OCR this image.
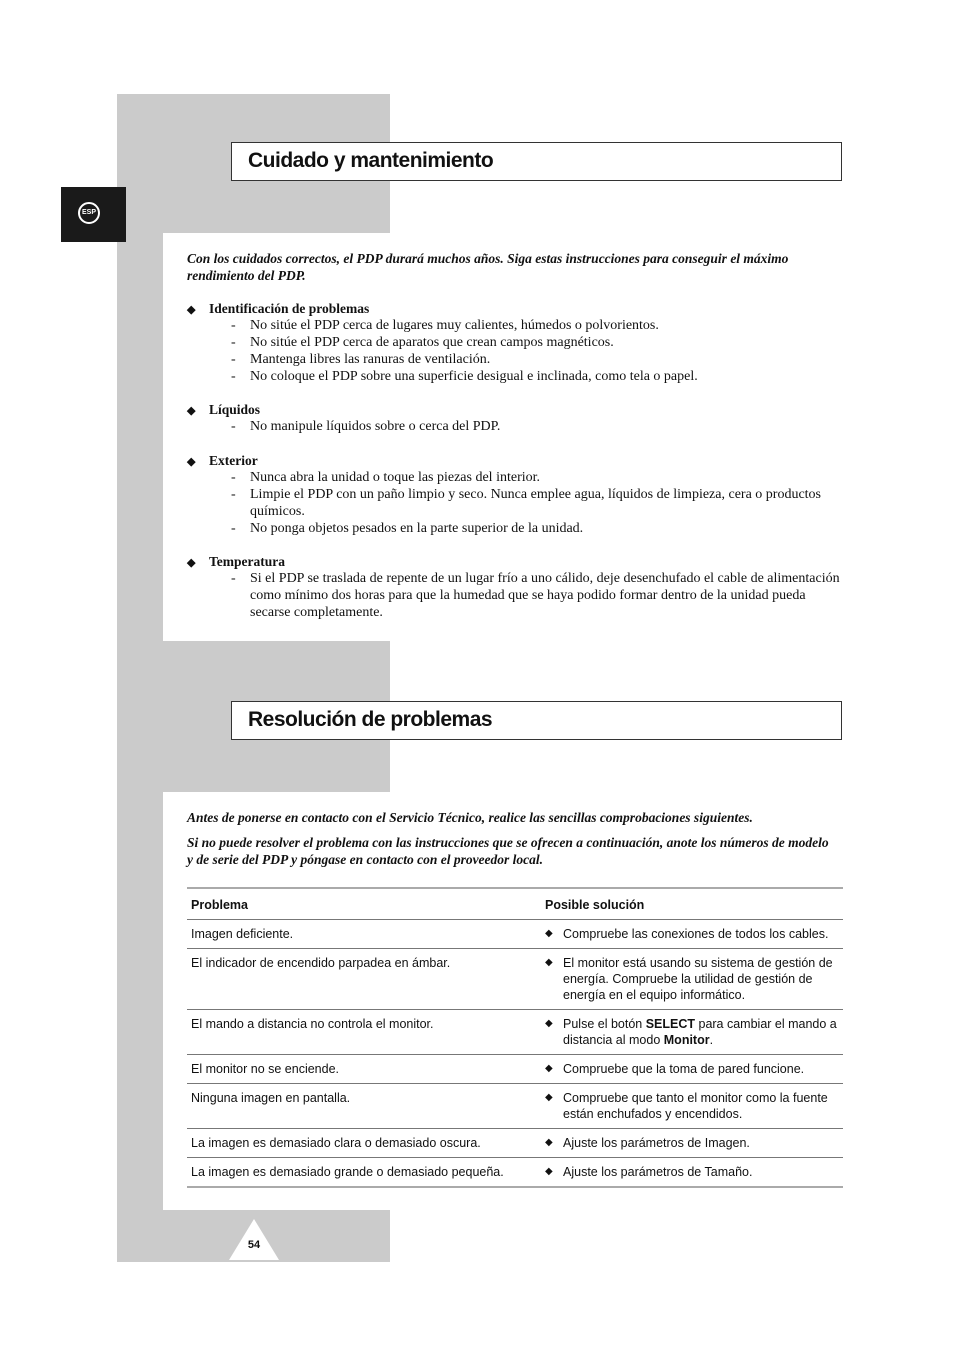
ESP
Cuidado y mantenimiento
Con los cuidados correctos, el PDP durará muchos años. Siga estas instrucciones para conseguir el máximo rendimiento del PDP.
◆ Identificación de problemas
- No sitúe el PDP cerca de lugares muy calientes, húmedos o polvorientos.
- No sitúe el PDP cerca de aparatos que crean campos magnéticos.
- Mantenga libres las ranuras de ventilación.
- No coloque el PDP sobre una superficie desigual e inclinada, como tela o papel.
◆ Líquidos
- No manipule líquidos sobre o cerca del PDP.
◆ Exterior
- Nunca abra la unidad o toque las piezas del interior.
- Limpie el PDP con un paño limpio y seco. Nunca emplee agua, líquidos de limpieza, cera o productos químicos.
- No ponga objetos pesados en la parte superior de la unidad.
◆ Temperatura
- Si el PDP se traslada de repente de un lugar frío a uno cálido, deje desenchufado el cable de alimentación como mínimo dos horas para que la humedad que se haya podido formar dentro de la unidad pueda secarse completamente.
Resolución de problemas
Antes de ponerse en contacto con el Servicio Técnico, realice las sencillas comprobaciones siguientes.
Si no puede resolver el problema con las instrucciones que se ofrecen a continuación, anote los números de modelo y de serie del PDP y póngase en contacto con el proveedor local.
Problema	Posible solución
Imagen deficiente.	◆ Compruebe las conexiones de todos los cables.

El indicador de encendido parpadea en ámbar.	◆ El monitor está usando su sistema de gestión de energía. Compruebe la utilidad de gestión de energía en el equipo informático.

El mando a distancia no controla el monitor.	◆ Pulse el botón SELECT para cambiar el mando a distancia al modo Monitor.

El monitor no se enciende.	◆ Compruebe que la toma de pared funcione.

Ninguna imagen en pantalla.	◆ Compruebe que tanto el monitor como la fuente están enchufados y encendidos.

La imagen es demasiado clara o demasiado oscura.	◆ Ajuste los parámetros de Imagen.

La imagen es demasiado grande o demasiado pequeña.	◆ Ajuste los parámetros de Tamaño.
54
